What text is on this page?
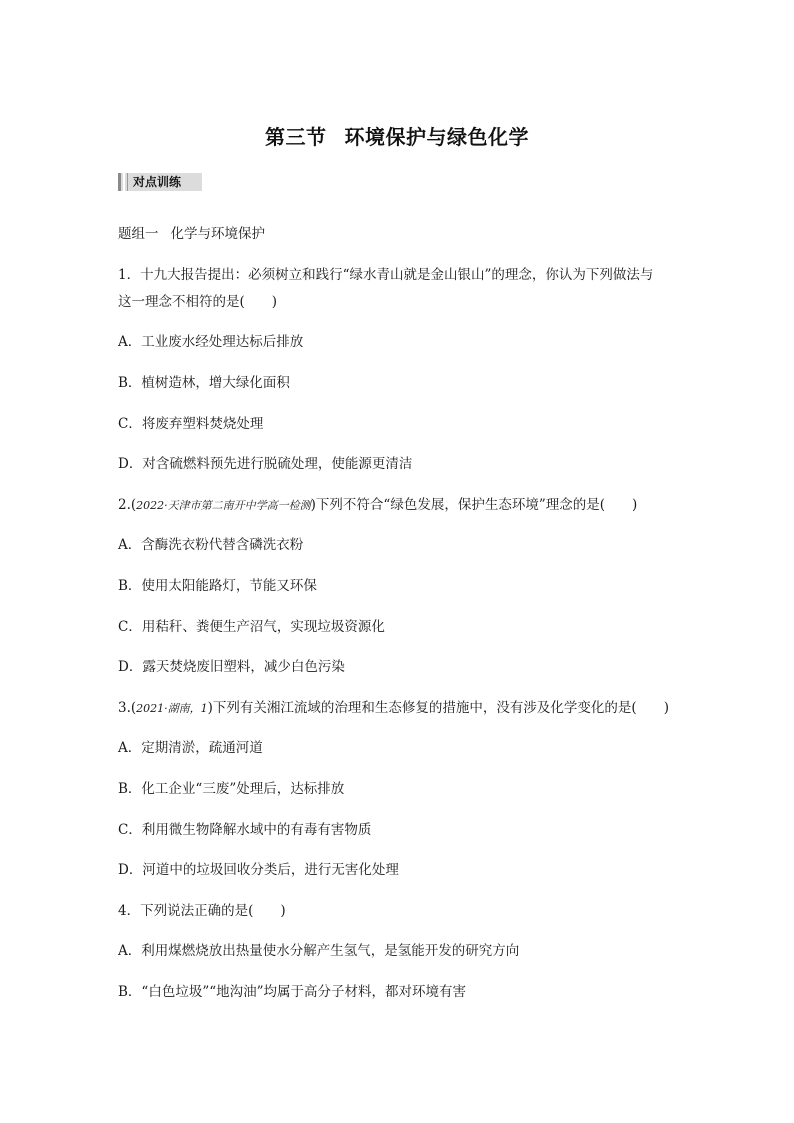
第三节 环境保护与绿色化学
对点训练
题组一 化学与环境保护
1．十九大报告提出：必须树立和践行“绿水青山就是金山银山”的理念，你认为下列做法与
这一理念不相符的是(　　)
A．工业废水经处理达标后排放
B．植树造林，增大绿化面积
C．将废弃塑料焚烧处理
D．对含硫燃料预先进行脱硫处理，使能源更清洁
2.(2022·天津市第二南开中学高一检测)下列不符合“绿色发展，保护生态环境”理念的是(　　)
A．含酶洗衣粉代替含磷洗衣粉
B．使用太阳能路灯，节能又环保
C．用秸秆、粪便生产沼气，实现垃圾资源化
D．露天焚烧废旧塑料，减少白色污染
3.(2021·湖南，1)下列有关湘江流域的治理和生态修复的措施中，没有涉及化学变化的是(　　)
A．定期清淤，疏通河道
B．化工企业“三废”处理后，达标排放
C．利用微生物降解水域中的有毒有害物质
D．河道中的垃圾回收分类后，进行无害化处理
4．下列说法正确的是(　　)
A．利用煤燃烧放出热量使水分解产生氢气，是氢能开发的研究方向
B．“白色垃圾”“地沟油”均属于高分子材料，都对环境有害
